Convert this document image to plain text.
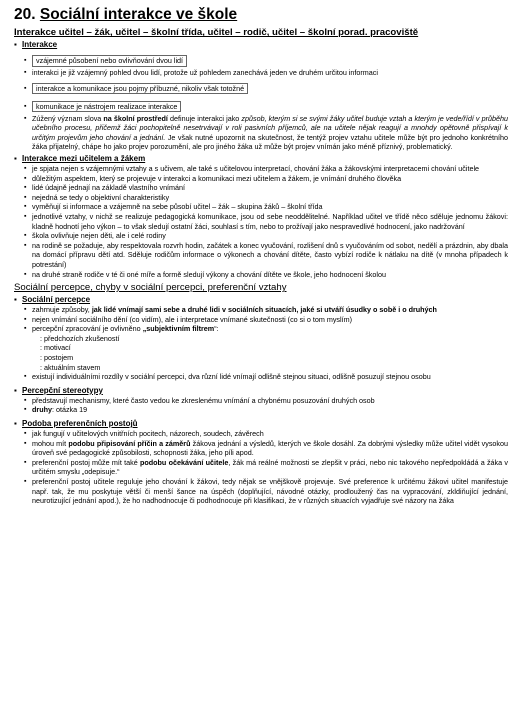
20. Sociální interakce ve škole
Interakce učitel – žák, učitel – školní třída, učitel – rodič, učitel – školní porad. pracoviště
▪ Interakce
▪ vzájemné působení nebo ovlivňování dvou lidí

▪ interakci je již vzájemný pohled dvou lidí, protože už pohledem zanechává jeden ve druhém určitou informaci
▪ interakce a komunikace jsou pojmy příbuzné, nikoliv však totožné
▪ komunikace je nástrojem realizace interakce
▪ Zúžený význam slova na školní prostředí definuje interakci jako způsob, kterým si se svými žáky učitel buduje vztah a kterým je vede/řídí v průběhu učebního procesu, přičemž žáci pochopitelně nesetrvávají v roli pasivních příjemců, ale na učitele nějak reagují a mnohdy opětovně přispívají k určitým projevům jeho chování a jednání. Je však nutné upozornit na skutečnost, že tentýž projev vztahu učitele může být pro jednoho konkrétního žáka přijatelný, chápe ho jako projev porozumění, ale pro jiného žáka už může být projev vnímán jako méně příznivý, problematický.
▪ Interakce mezi učitelem a žákem
▪ je spjata nejen s vzájemnými vztahy a s učivem, ale také s učitelovou interpretací, chování žáka a žákovskými interpretacemi chování učitele
▪ důležitým aspektem, který se projevuje v interakci a komunikaci mezi učitelem a žákem, je vnímání druhého člověka
▪ lidé údajně jednají na základě vlastního vnímání
▪ nejedná se tedy o objektivní charakteristiky
▪ vyměňují si informace a vzájemně na sebe působí učitel – žák – skupina žáků – školní třída
▪ jednotlivé vztahy, v nichž se realizuje pedagogická komunikace, jsou od sebe neoddělitelné. Například učitel ve třídě něco sděluje jednomu žákovi: kladně hodnotí jeho výkon – to však sledují ostatní žáci, souhlasí s tím, nebo to prožívají jako nespravedlivé hodnocení, jako nadržování
▪ škola ovlivňuje nejen děti, ale i celé rodiny
▪ na rodině se požaduje, aby respektovala rozvrh hodin, začátek a konec vyučování, rozlišení dnů s vyučováním od sobot, nedělí a prázdnin, aby dbala na domácí přípravu dětí atd. Sděluje rodičům informace o výkonech a chování dítěte, často vybízí rodiče k nátlaku na dítě (v mnoha případech k potrestání)
▪ na druhé straně rodiče v té či oné míře a formě sledují výkony a chování dítěte ve škole, jeho hodnocení školou
Sociální percepce, chyby v sociální percepci, preferenční vztahy
▪ Sociální percepce
▪ zahrnuje způsoby, jak lidé vnímají sami sebe a druhé lidi v sociálních situacích, jaké si utváří úsudky o sobě i o druhých
▪ nejen vnímání sociálního dění (co vidím), ale i interpretace vnímané skutečnosti (co si o tom myslím)
▪ percepční zpracování je ovlivněno „subjektivním filtrem“:
: předchozích zkušeností
: motivací
: postojem
: aktuálním stavem
▪ existují individuálními rozdíly v sociální percepci, dva různí lidé vnímají odlišně stejnou situaci, odlišně posuzují stejnou osobu
▪ Percepční stereotypy
▪ představují mechanismy, které často vedou ke zkreslenému vnímání a chybnému posuzování druhých osob
▪ druhy: otázka 19
▪ Podoba preferenčních postojů
▪ jak fungují v učitelových vnitřních pocitech, názorech, soudech, závěrech
▪ mohou mít podobu připisování příčin a záměrů žákova jednání a výsledů, kterých ve škole dosáhl. Za dobrými výsledky může učitel vidět vysokou úroveň své pedagogické způsobilosti, schopnosti žáka, jeho píli apod.
▪ preferenční postoj může mít také podobu očekávání učitele, žák má reálné možnosti se zlepšit v práci, nebo nic takového nepředpokládá a žáka v určitém smyslu „odepisuje.“
▪ preferenční postoj učitele reguluje jeho chování k žákovi, tedy nějak se vnějškově projevuje. Své preference k určitému žákovi učitel manifestuje např. tak, že mu poskytuje větší či menší šance na úspěch (doplňující, návodné otázky, prodloužený čas na vypracování, zkldiňující jednání, neurotizující jednání apod.), že ho nadhodnocuje či podhodnocuje při klasifikaci, že v různých situacích vyjadřuje své názory na žáka
